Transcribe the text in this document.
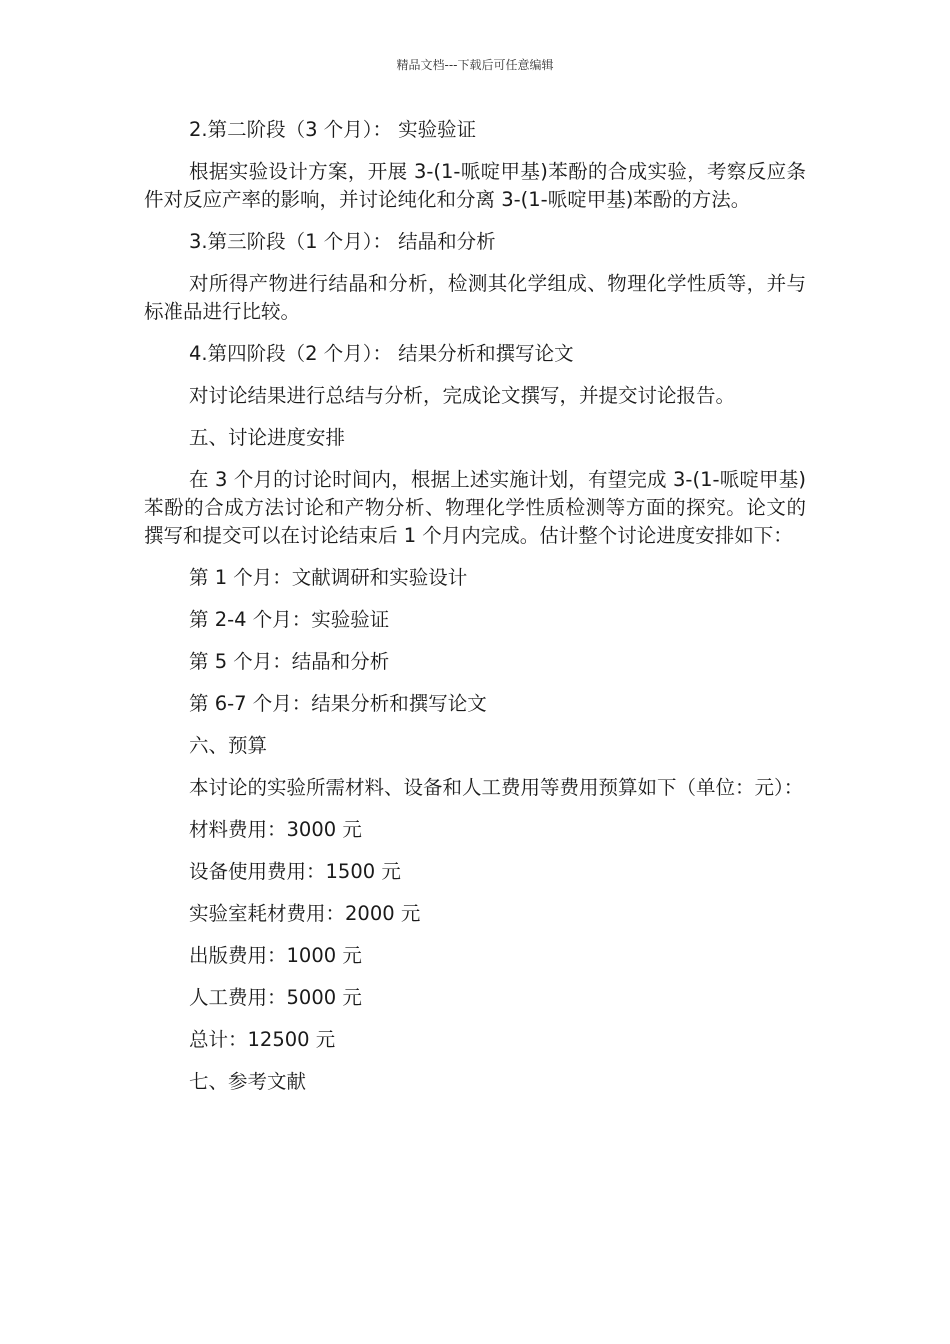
精品文档---下载后可任意编辑

2.第二阶段（3 个月）： 实验验证

根据实验设计方案，开展 3-(1-哌啶甲基)苯酚的合成实验，考察反应条件对反应产率的影响，并讨论纯化和分离 3-(1-哌啶甲基)苯酚的方法。

3.第三阶段（1 个月）： 结晶和分析

对所得产物进行结晶和分析，检测其化学组成、物理化学性质等，并与标准品进行比较。

4.第四阶段（2 个月）： 结果分析和撰写论文

对讨论结果进行总结与分析，完成论文撰写，并提交讨论报告。

五、讨论进度安排

在 3 个月的讨论时间内，根据上述实施计划，有望完成 3-(1-哌啶甲基)苯酚的合成方法讨论和产物分析、物理化学性质检测等方面的探究。论文的撰写和提交可以在讨论结束后 1 个月内完成。估计整个讨论进度安排如下：

第 1 个月：文献调研和实验设计

第 2-4 个月：实验验证

第 5 个月：结晶和分析

第 6-7 个月：结果分析和撰写论文

六、预算

本讨论的实验所需材料、设备和人工费用等费用预算如下（单位：元）：

材料费用：3000 元

设备使用费用：1500 元

实验室耗材费用：2000 元

出版费用：1000 元

人工费用：5000 元

总计：12500 元

七、参考文献
